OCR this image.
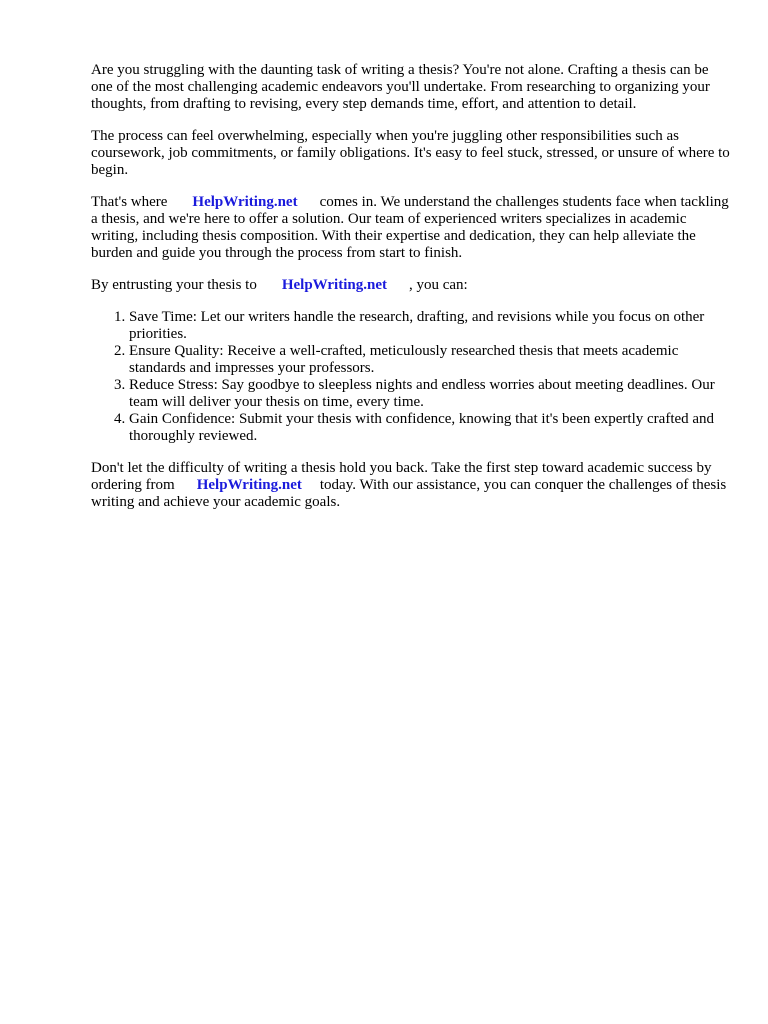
Are you struggling with the daunting task of writing a thesis? You're not alone. Crafting a thesis can be one of the most challenging academic endeavors you'll undertake. From researching to organizing your thoughts, from drafting to revising, every step demands time, effort, and attention to detail.

The process can feel overwhelming, especially when you're juggling other responsibilities such as coursework, job commitments, or family obligations. It's easy to feel stuck, stressed, or unsure of where to begin.

That's where HelpWriting.net comes in. We understand the challenges students face when tackling a thesis, and we're here to offer a solution. Our team of experienced writers specializes in academic writing, including thesis composition. With their expertise and dedication, they can help alleviate the burden and guide you through the process from start to finish.

By entrusting your thesis to HelpWriting.net , you can:

1. Save Time: Let our writers handle the research, drafting, and revisions while you focus on other priorities.
2. Ensure Quality: Receive a well-crafted, meticulously researched thesis that meets academic standards and impresses your professors.
3. Reduce Stress: Say goodbye to sleepless nights and endless worries about meeting deadlines. Our team will deliver your thesis on time, every time.
4. Gain Confidence: Submit your thesis with confidence, knowing that it's been expertly crafted and thoroughly reviewed.

Don't let the difficulty of writing a thesis hold you back. Take the first step toward academic success by ordering from HelpWriting.net today. With our assistance, you can conquer the challenges of thesis writing and achieve your academic goals.
